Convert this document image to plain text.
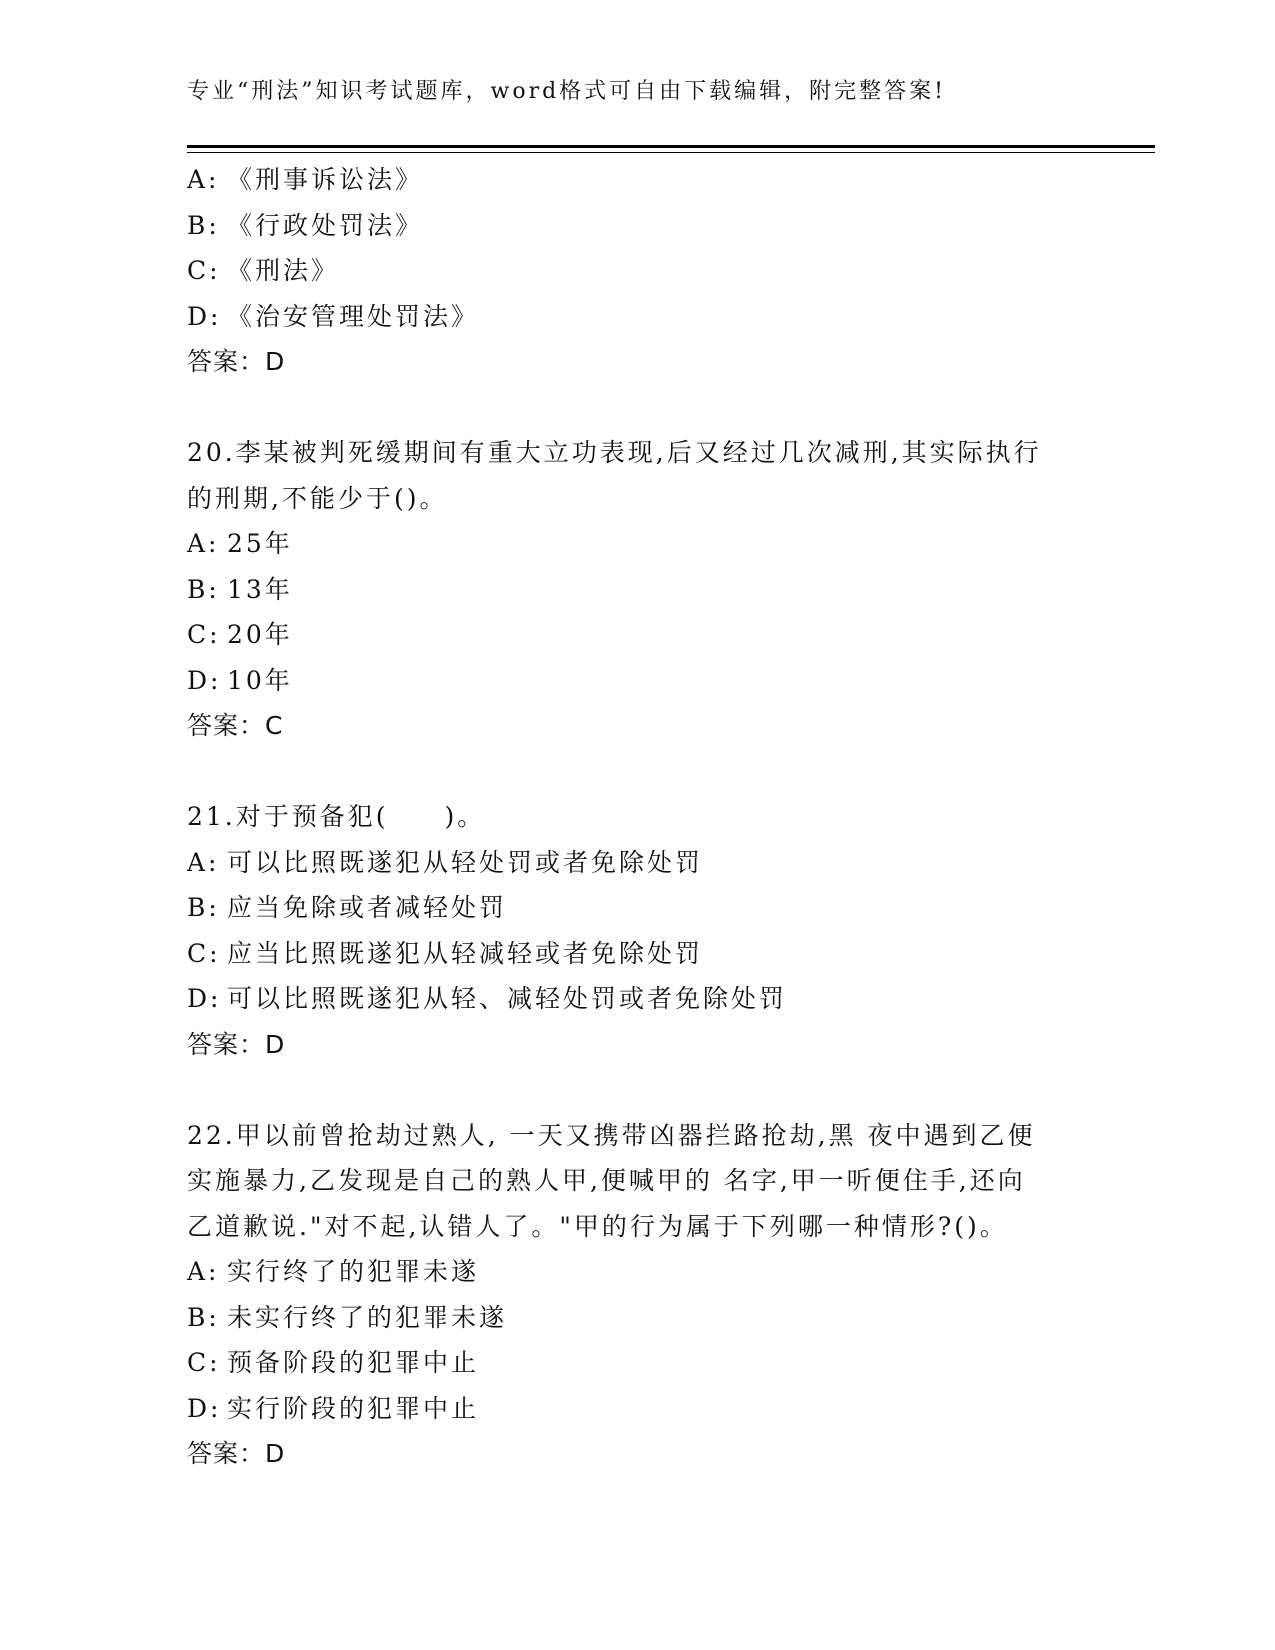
专业“刑法”知识考试题库，word格式可自由下载编辑，附完整答案!
A: 《刑事诉讼法》
B: 《行政处罚法》
C: 《刑法》
D: 《治安管理处罚法》
答案：D
20.李某被判死缓期间有重大立功表现,后又经过几次减刑,其实际执行
的刑期,不能少于()。
A: 25年
B: 13年
C: 20年
D: 10年
答案：C
21.对于预备犯(　　)。
A: 可以比照既遂犯从轻处罚或者免除处罚
B: 应当免除或者减轻处罚
C: 应当比照既遂犯从轻减轻或者免除处罚
D: 可以比照既遂犯从轻、减轻处罚或者免除处罚
答案：D
22.甲以前曾抢劫过熟人, 一天又携带凶器拦路抢劫,黑 夜中遇到乙便
实施暴力,乙发现是自己的熟人甲,便喊甲的 名字,甲一听便住手,还向
乙道歉说."对不起,认错人了。"甲的行为属于下列哪一种情形?()。
A: 实行终了的犯罪未遂
B: 未实行终了的犯罪未遂
C: 预备阶段的犯罪中止
D: 实行阶段的犯罪中止
答案：D
